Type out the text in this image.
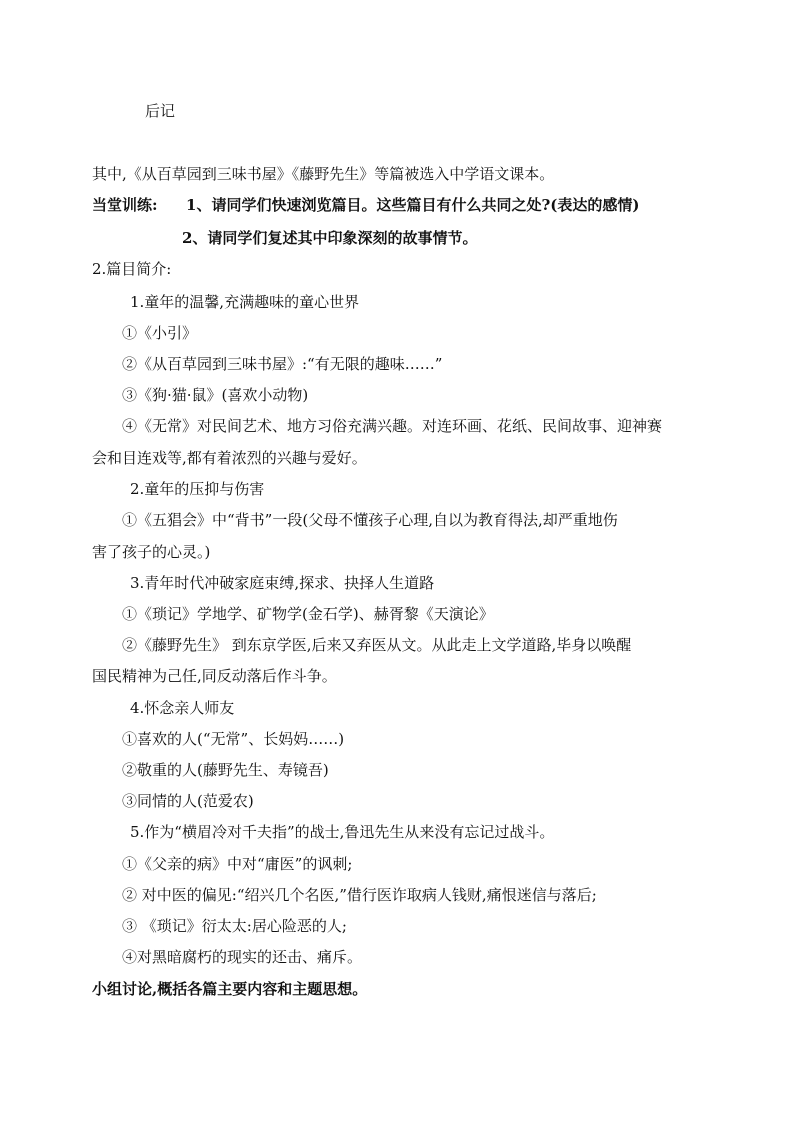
后记
其中,《从百草园到三味书屋》《藤野先生》等篇被选入中学语文课本。
当堂训练: 1、请同学们快速浏览篇目。这些篇目有什么共同之处?(表达的感情)
2、请同学们复述其中印象深刻的故事情节。
2.篇目简介:
1.童年的温馨,充满趣味的童心世界
①《小引》
②《从百草园到三味书屋》:“有无限的趣味……”
③《狗·猫·鼠》(喜欢小动物)
④《无常》对民间艺术、地方习俗充满兴趣。对连环画、花纸、民间故事、迎神赛
会和目连戏等,都有着浓烈的兴趣与爱好。
2.童年的压抑与伤害
①《五猖会》中“背书”一段(父母不懂孩子心理,自以为教育得法,却严重地伤
害了孩子的心灵。)
3.青年时代冲破家庭束缚,探求、抉择人生道路
①《琐记》学地学、矿物学(金石学)、赫胥黎《天演论》
②《藤野先生》 到东京学医,后来又弃医从文。从此走上文学道路,毕身以唤醒
国民精神为己任,同反动落后作斗争。
4.怀念亲人师友
①喜欢的人(“无常”、长妈妈……)
②敬重的人(藤野先生、寿镜吾)
③同情的人(范爱农)
5.作为“横眉冷对千夫指”的战士,鲁迅先生从来没有忘记过战斗。
①《父亲的病》中对“庸医”的讽刺;
② 对中医的偏见:“绍兴几个名医,”借行医诈取病人钱财,痛恨迷信与落后;
③ 《琐记》衍太太:居心险恶的人;
④对黑暗腐朽的现实的还击、痛斥。
小组讨论,概括各篇主要内容和主题思想。
